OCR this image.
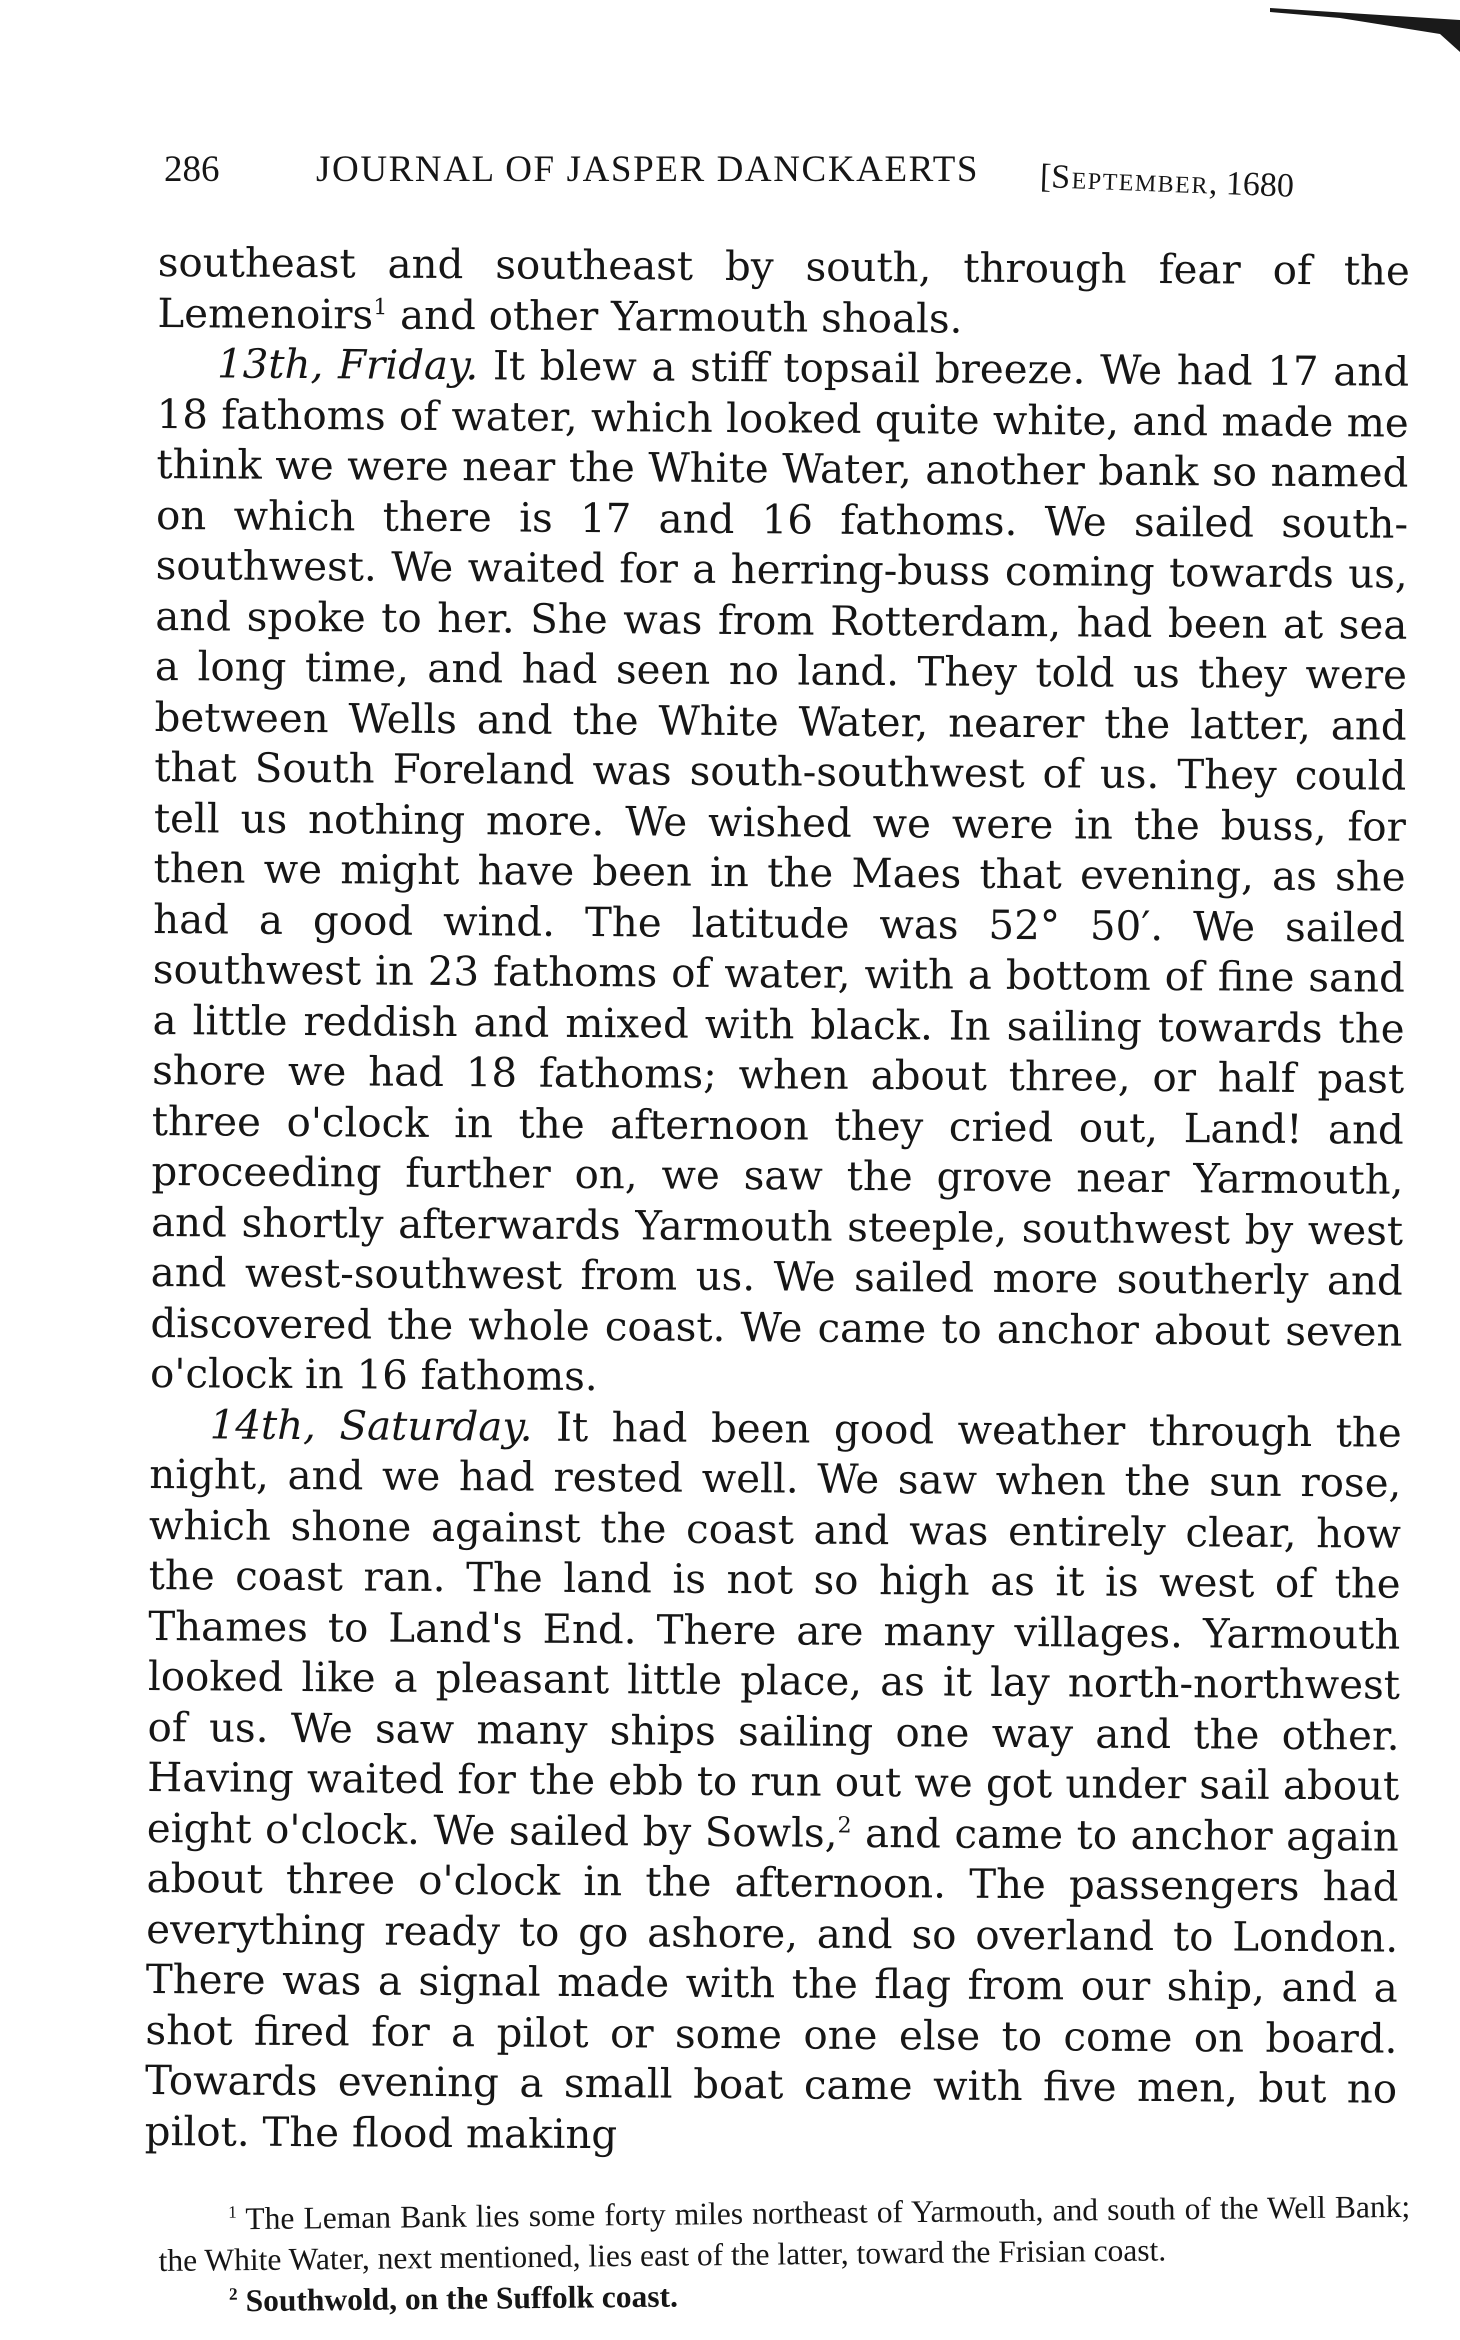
286	JOURNAL OF JASPER DANCKAERTS [September, 1680

southeast and southeast by south, through fear of the Lemenoirs$^1$ and other Yarmouth shoals.

13th, Friday. It blew a stiff topsail breeze. We had 17 and 18 fathoms of water, which looked quite white, and made me think we were near the White Water, another bank so named on which there is 17 and 16 fathoms. We sailed south-southwest. We waited for a herring-buss coming towards us, and spoke to her. She was from Rotterdam, had been at sea a long time, and had seen no land. They told us they were between Wells and the White Water, nearer the latter, and that South Foreland was south-southwest of us. They could tell us nothing more. We wished we were in the buss, for then we might have been in the Maes that evening, as she had a good wind. The latitude was 52° 50′. We sailed southwest in 23 fathoms of water, with a bottom of fine sand a little reddish and mixed with black. In sailing towards the shore we had 18 fathoms; when about three, or half past three o'clock in the afternoon they cried out, Land! and proceeding further on, we saw the grove near Yarmouth, and shortly afterwards Yarmouth steeple, southwest by west and west-southwest from us. We sailed more southerly and discovered the whole coast. We came to anchor about seven o'clock in 16 fathoms.

14th, Saturday. It had been good weather through the night, and we had rested well. We saw when the sun rose, which shone against the coast and was entirely clear, how the coast ran. The land is not so high as it is west of the Thames to Land's End. There are many villages. Yarmouth looked like a pleasant little place, as it lay north-northwest of us. We saw many ships sailing one way and the other. Having waited for the ebb to run out we got under sail about eight o'clock. We sailed by Sowls,$^2$ and came to anchor again about three o'clock in the afternoon. The passengers had everything ready to go ashore, and so overland to London. There was a signal made with the flag from our ship, and a shot fired for a pilot or some one else to come on board. Towards evening a small boat came with five men, but no pilot. The flood making

$^1$ The Leman Bank lies some forty miles northeast of Yarmouth, and south of the Well Bank; the White Water, next mentioned, lies east of the latter, toward the Frisian coast.

$^2$ Southwold, on the Suffolk coast.
